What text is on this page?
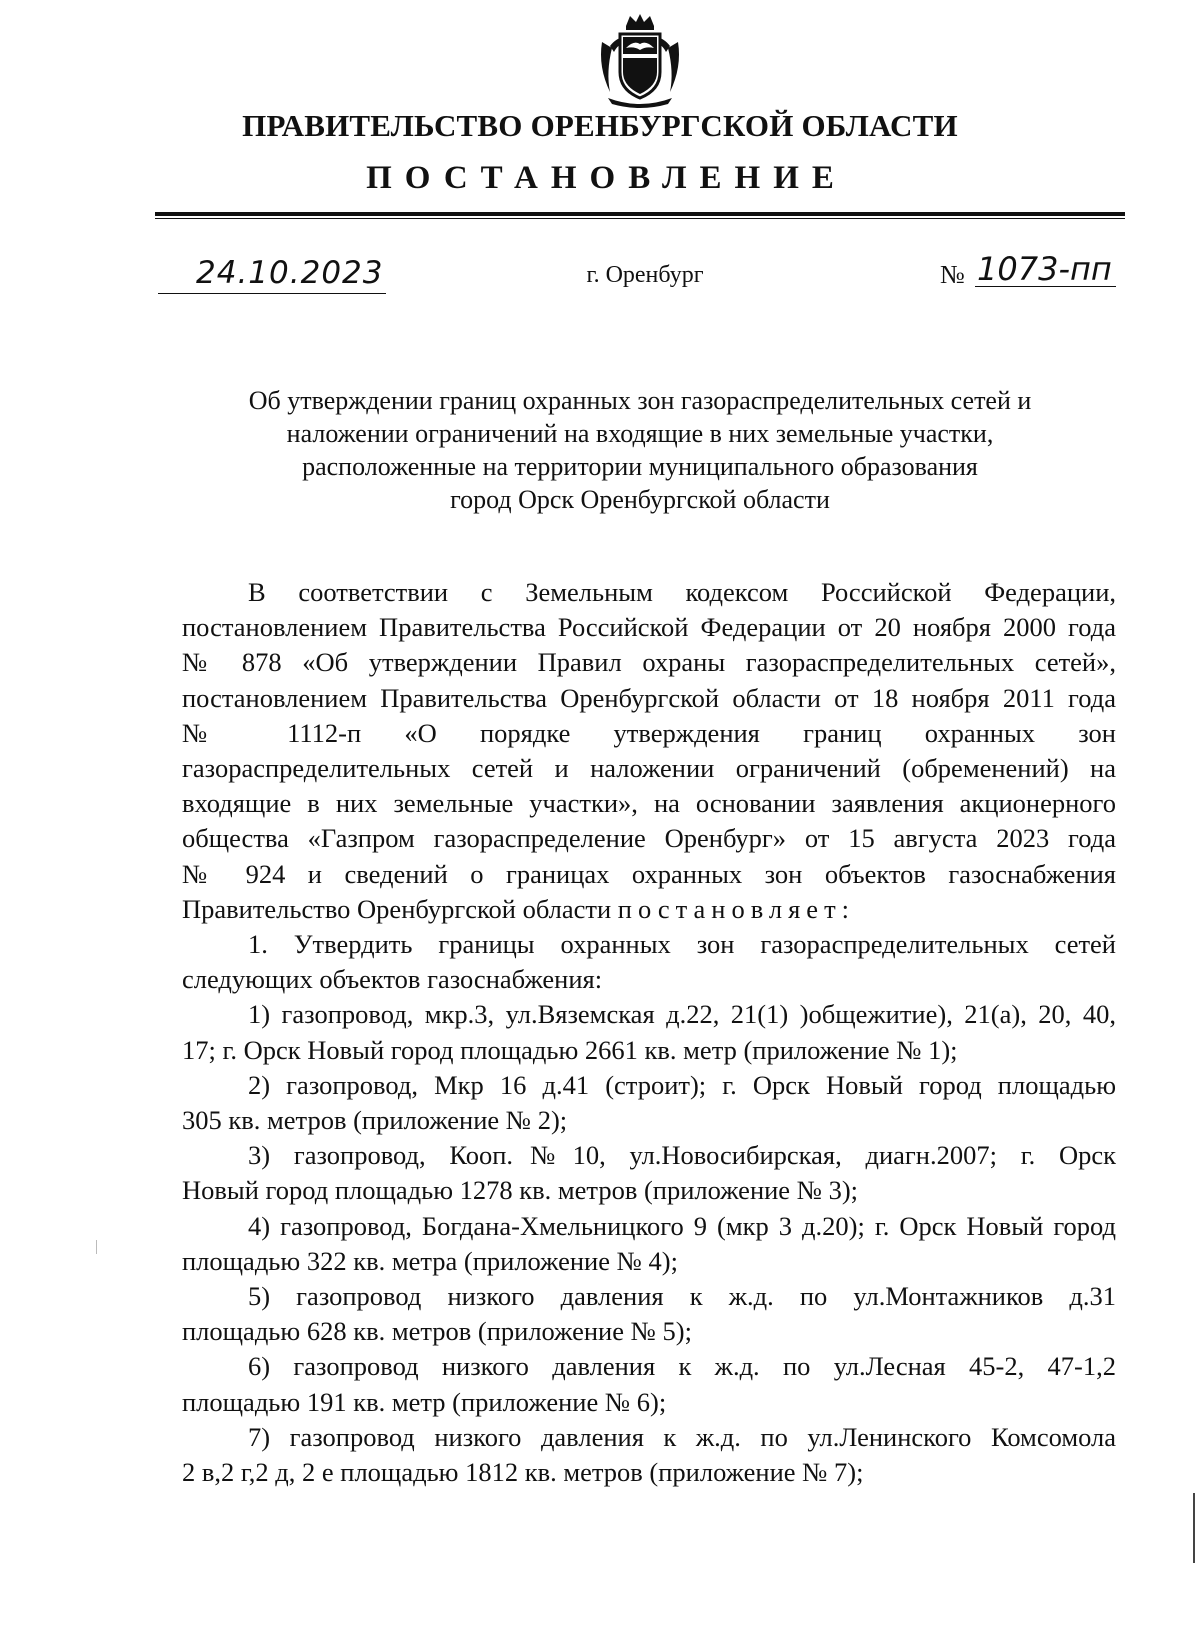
ПРАВИТЕЛЬСТВО ОРЕНБУРГСКОЙ ОБЛАСТИ
ПОСТАНОВЛЕНИЕ
24.10.2023	г. Оренбург	№ 1073-пп
Об утверждении границ охранных зон газораспределительных сетей и
наложении ограничений на входящие в них земельные участки,
расположенные на территории муниципального образования
город Орск Оренбургской области
В соответствии с Земельным кодексом Российской Федерации,
постановлением Правительства Российской Федерации от 20 ноября 2000 года
№ 878 «Об утверждении Правил охраны газораспределительных сетей»,
постановлением Правительства Оренбургской области от 18 ноября 2011 года
№ 1112-п «О порядке утверждения границ охранных зон
газораспределительных сетей и наложении ограничений (обременений) на
входящие в них земельные участки», на основании заявления акционерного
общества «Газпром газораспределение Оренбург» от 15 августа 2023 года
№ 924 и сведений о границах охранных зон объектов газоснабжения
Правительство Оренбургской области постановляет:
1. Утвердить границы охранных зон газораспределительных сетей
следующих объектов газоснабжения:
1) газопровод, мкр.3, ул.Вяземская д.22, 21(1) )общежитие), 21(а), 20, 40,
17; г. Орск Новый город площадью 2661 кв. метр (приложение № 1);
2) газопровод, Мкр 16 д.41 (строит); г. Орск Новый город площадью
305 кв. метров (приложение № 2);
3) газопровод, Кооп.№10, ул.Новосибирская, диагн.2007; г. Орск
Новый город площадью 1278 кв. метров (приложение № 3);
4) газопровод, Богдана-Хмельницкого 9 (мкр 3 д.20); г. Орск Новый город
площадью 322 кв. метра (приложение № 4);
5) газопровод низкого давления к ж.д. по ул.Монтажников д.31
площадью 628 кв. метров (приложение № 5);
6) газопровод низкого давления к ж.д. по ул.Лесная 45-2, 47-1,2
площадью 191 кв. метр (приложение № 6);
7) газопровод низкого давления к ж.д. по ул.Ленинского Комсомола
2 в,2 г,2 д, 2 е площадью 1812 кв. метров (приложение № 7);
